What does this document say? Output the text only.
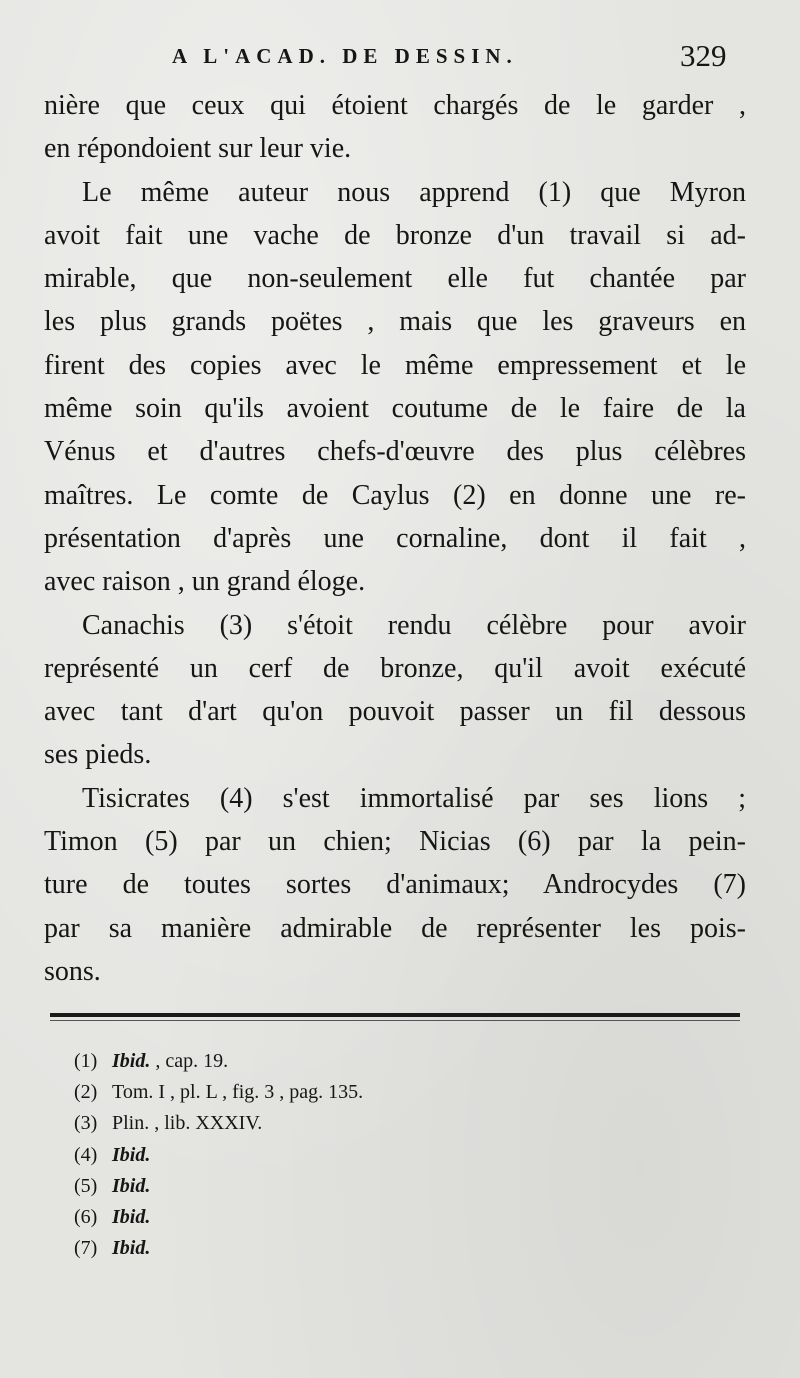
A L'ACAD. DE DESSIN.	329
nière que ceux qui étoient chargés de le garder ,
en répondoient sur leur vie.
Le même auteur nous apprend (1) que Myron
avoit fait une vache de bronze d'un travail si ad-
mirable, que non-seulement elle fut chantée par
les plus grands poëtes , mais que les graveurs en
firent des copies avec le même empressement et le
même soin qu'ils avoient coutume de le faire de la
Vénus et d'autres chefs-d'œuvre des plus célèbres
maîtres. Le comte de Caylus (2) en donne une re-
présentation d'après une cornaline, dont il fait ,
avec raison , un grand éloge.
Canachis (3) s'étoit rendu célèbre pour avoir
représenté un cerf de bronze, qu'il avoit exécuté
avec tant d'art qu'on pouvoit passer un fil dessous
ses pieds.
Tisicrates (4) s'est immortalisé par ses lions ;
Timon (5) par un chien; Nicias (6) par la pein-
ture de toutes sortes d'animaux; Androcydes (7)
par sa manière admirable de représenter les pois-
sons.
(1) Ibid. , cap. 19.
(2) Tom. I , pl. L , fig. 3 , pag. 135.
(3) Plin. , lib. XXXIV.
(4) Ibid.
(5) Ibid.
(6) Ibid.
(7) Ibid.
